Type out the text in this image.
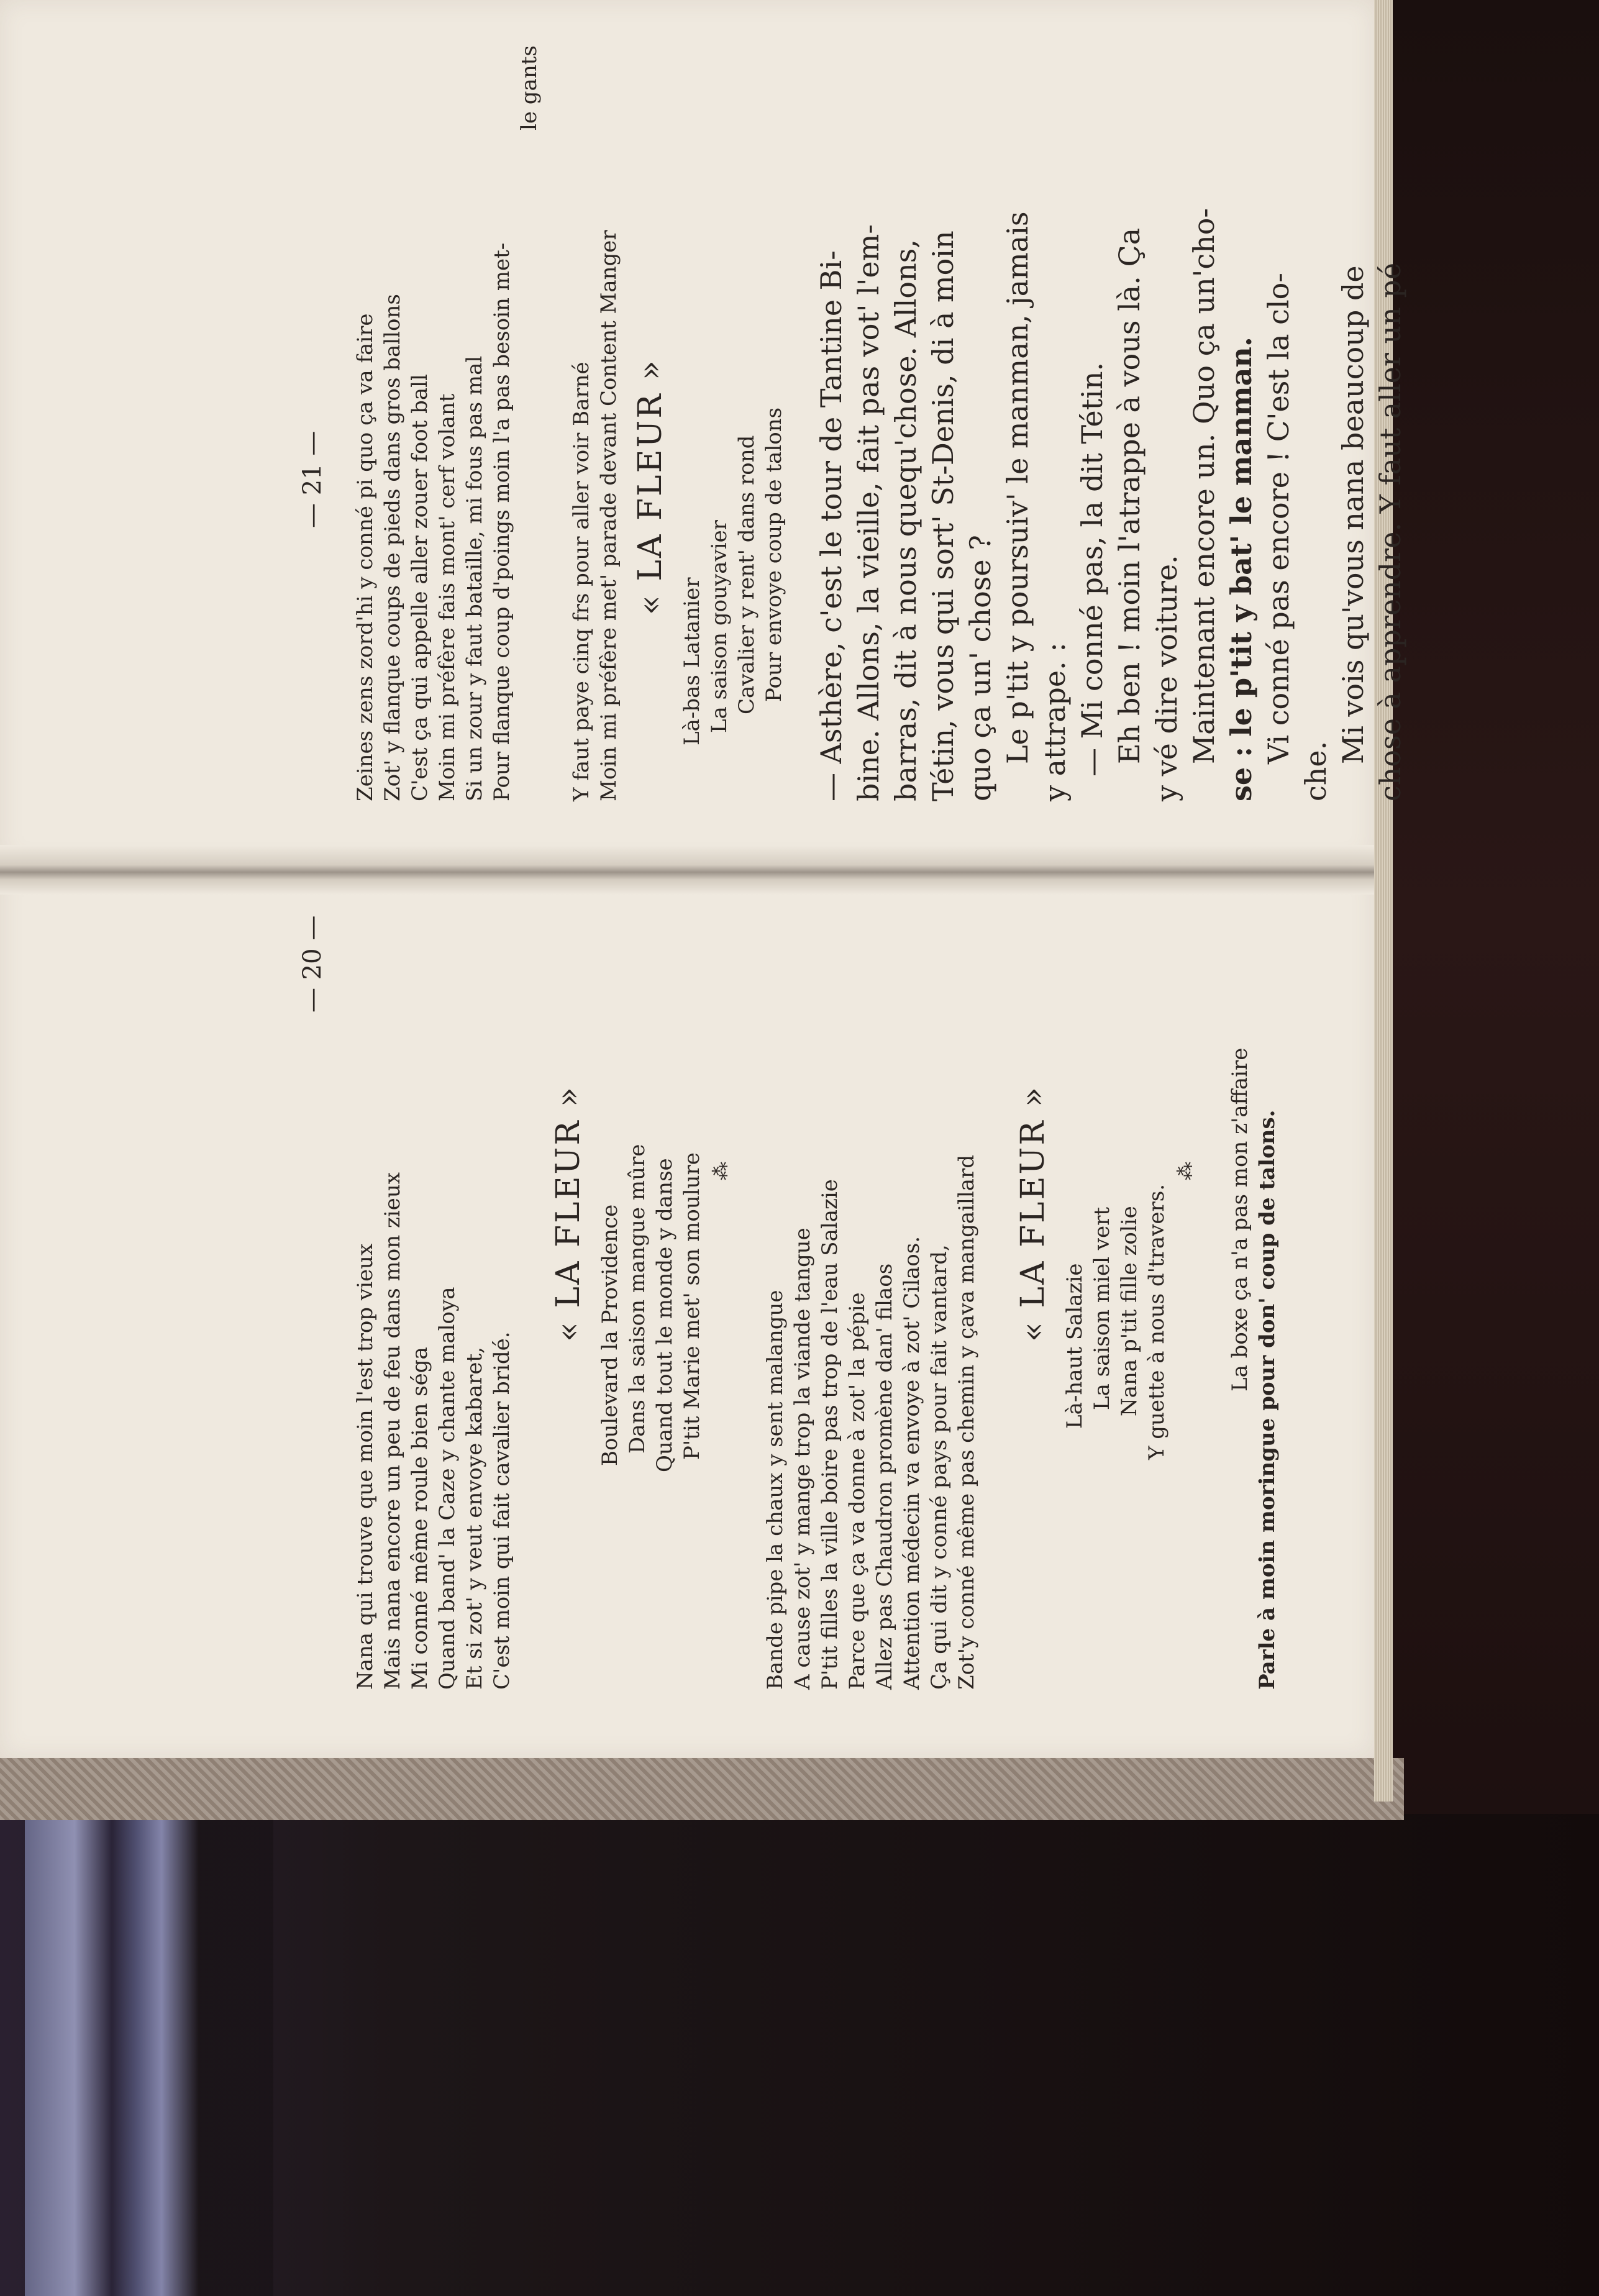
— 21 — Zeines zens zord'hi y conné pi quo ça va faire Zot' y flanque coups de pieds dans gros ballons C'est ça qui appelle aller zouer foot ball Moin mi préfère fais mont' cerf volant Si un zour y faut bataille, mi fous pas mal Pour flanque coup d'poings moin l'a pas besoin met-
le gants
Y faut paye cinq frs pour aller voir Barné Moin mi préfère met' parade devant Content Manger « LA FLEUR »
Là-bas Latanier La saison gouyavier Cavalier y rent' dans rond Pour envoye coup de talons — Asthère, c'est le tour de Tantine Bi- bine. Allons, la vieille, fait pas vot' l'em- barras, dit à nous quequ'chose. Allons, Tétin, vous qui sort' St-Denis, di à moin quo ça un' chose ? Le p'tit y poursuiv' le manman, jamais y attrape. : — Mi conné pas, la dit Tétin. Eh ben ! moin l'atrappe à vous là. Ça y vé dire voiture. Maintenant encore un. Quo ça un'cho- se : le p'tit y bat' le manman. Vi conné pas encore ! C'est la clo-
che.
Mi vois qu'vous nana beaucoup de chose à apprendre. Y faut aller un pé
— 20 —
Nana qui trouve que moin l'est trop vieux Mais nana encore un peu de feu dans mon zieux Mi conné même roule bien séga Quand band' la Caze y chante maloya Et si zot' y veut envoye kabaret, C'est moin qui fait cavalier bridé.
« LA FLEUR » Boulevard la Providence Dans la saison mangue mûre Quand tout le monde y danse P'tit Marie met' son moulure ⁂
Bande pipe la chaux y sent malangue A cause zot' y mange trop la viande tangue P'tit filles la ville boire pas trop de l'eau Salazie Parce que ça va donne à zot' la pépie Allez pas Chaudron promène dan' filaos Attention médecin va envoye à zot' Cilaos. Ça qui dit y conné pays pour fait vantard, Zot'y conné même pas chemin y çava mangaillard « LA FLEUR »
Là-haut Salazie La saison miel vert Nana p'tit fille zolie Y guette à nous d'travers.
⁂ La boxe ça n'a pas mon z'affaire Parle à moin moringue pour don' coup de talons.
